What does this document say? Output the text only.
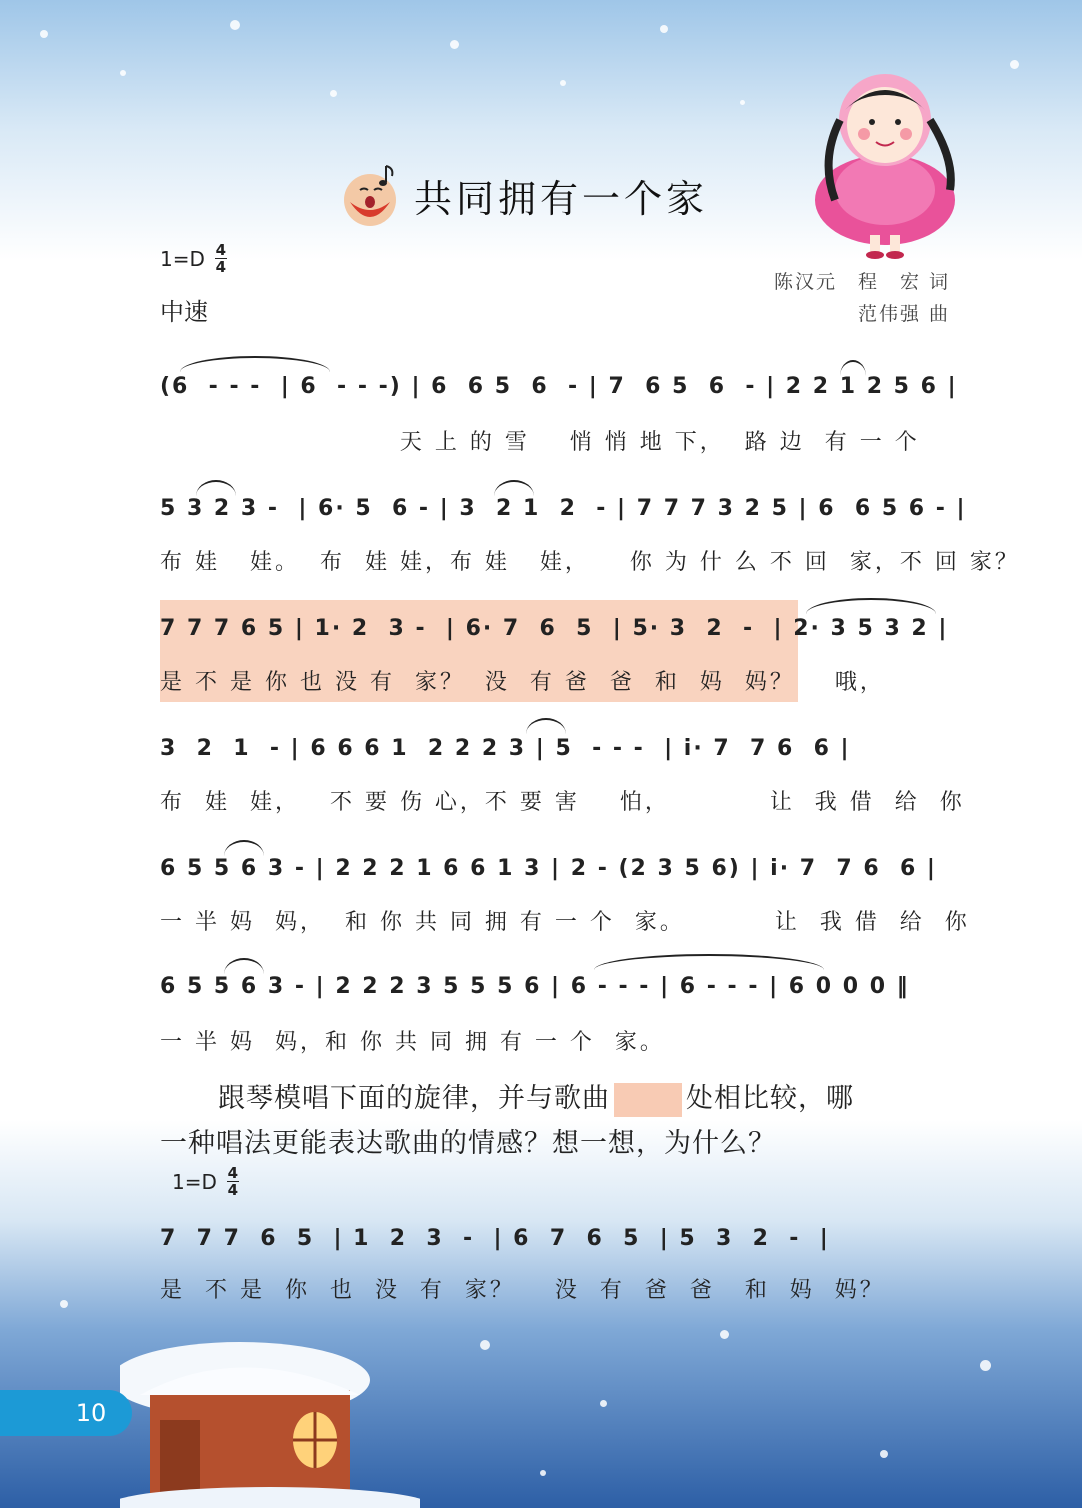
共同拥有一个家
$1=D \frac{4}{4}$
中速
陈汉元　程　宏 词
范伟强 曲
(6  - - -  | 6  - - -) | 6  6 5  6  - | 7  6 5  6  - | 2 2 1 2 5 6 |
天 上 的 雪    悄 悄 地 下，  路 边  有 一 个
5 3 2 3 -  | 6· 5  6 - | 3  2 1  2  - | 7 7 7 3 2 5 | 6  6 5 6 - |
布 娃   娃。  布  娃 娃，布 娃   娃，    你 为 什 么 不 回  家，不 回 家？
7 7 7 6 5 | 1· 2  3 -  | 6· 7  6  5  | 5· 3  2  -  | 2· 3 5 3 2 |
是 不 是 你 也 没 有  家？  没  有 爸  爸  和  妈  妈？    哦，
3  2  1  - | 6 6 6 1  2 2 2 3 | 5  - - -  | i· 7  7 6  6 |
布  娃  娃，   不 要 伤 心，不 要 害    怕，          让  我 借  给  你
6 5 5 6 3 - | 2 2 2 1 6 6 1 3 | 2 - (2 3 5 6) | i· 7  7 6  6 |
一 半 妈  妈，  和 你 共 同 拥 有 一 个  家。         让  我 借  给  你
6 5 5 6 3 - | 2 2 2 3 5 5 5 6 | 6 - - - | 6 - - - | 6 0 0 0 ‖
一 半 妈  妈，和 你 共 同 拥 有 一 个  家。
跟琴模唱下面的旋律，并与歌曲	处相比较，哪
一种唱法更能表达歌曲的情感？想一想，为什么？
$1=D \frac{4}{4}$
7  7 7  6  5  | 1  2  3  -  | 6  7  6  5  | 5  3  2  -  |
是  不 是  你  也  没  有  家？    没  有  爸  爸   和  妈  妈？
10
